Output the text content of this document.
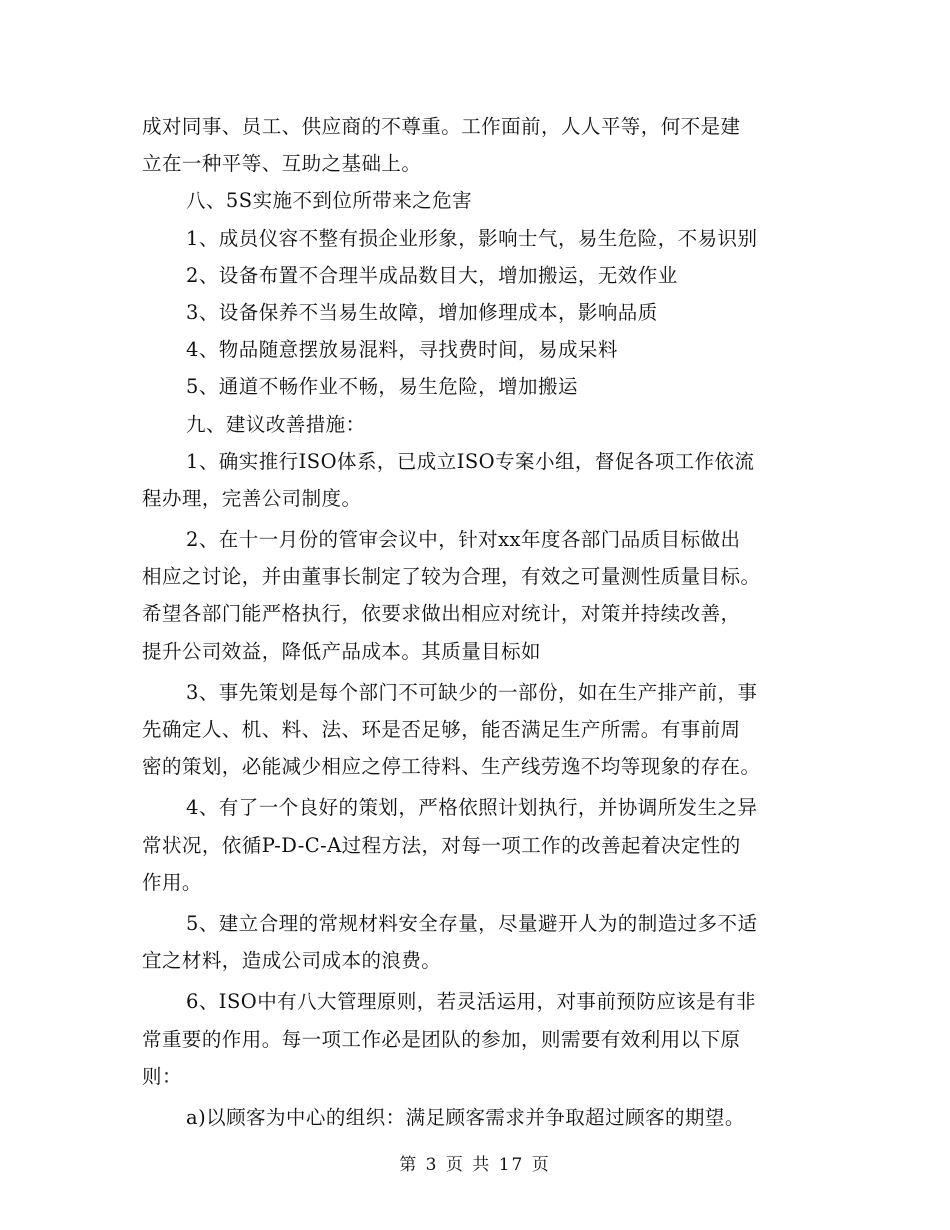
成对同事、员工、供应商的不尊重。工作面前，人人平等，何不是建
立在一种平等、互助之基础上。
八、5S实施不到位所带来之危害
1、成员仪容不整有损企业形象，影响士气，易生危险，不易识别
2、设备布置不合理半成品数目大，增加搬运，无效作业
3、设备保养不当易生故障，增加修理成本，影响品质
4、物品随意摆放易混料，寻找费时间，易成呆料
5、通道不畅作业不畅，易生危险，增加搬运
九、建议改善措施：
1、确实推行ISO体系，已成立ISO专案小组，督促各项工作依流
程办理，完善公司制度。
2、在十一月份的管审会议中，针对xx年度各部门品质目标做出
相应之讨论，并由董事长制定了较为合理，有效之可量测性质量目标。
希望各部门能严格执行，依要求做出相应对统计，对策并持续改善，
提升公司效益，降低产品成本。其质量目标如
3、事先策划是每个部门不可缺少的一部份，如在生产排产前，事
先确定人、机、料、法、环是否足够，能否满足生产所需。有事前周
密的策划，必能减少相应之停工待料、生产线劳逸不均等现象的存在。
4、有了一个良好的策划，严格依照计划执行，并协调所发生之异
常状况，依循P-D-C-A过程方法，对每一项工作的改善起着决定性的
作用。
5、建立合理的常规材料安全存量，尽量避开人为的制造过多不适
宜之材料，造成公司成本的浪费。
6、ISO中有八大管理原则，若灵活运用，对事前预防应该是有非
常重要的作用。每一项工作必是团队的参加，则需要有效利用以下原
则：
a)以顾客为中心的组织：满足顾客需求并争取超过顾客的期望。
第 3 页 共 17 页
